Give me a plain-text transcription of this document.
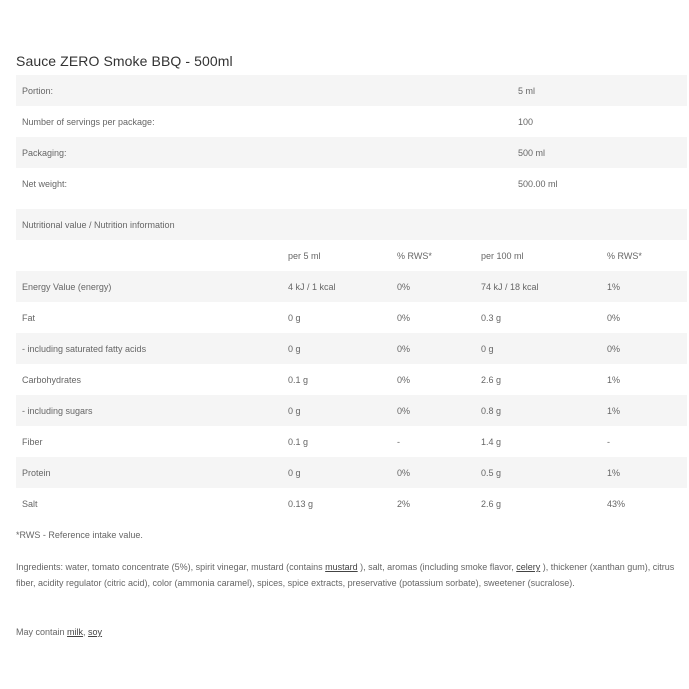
Sauce ZERO Smoke BBQ - 500ml
Portion:	5 ml
Number of servings per package:	100
Packaging:	500 ml
Net weight:	500.00 ml
Nutritional value / Nutrition information				
	per 5 ml	% RWS*	per 100 ml	% RWS*
Energy Value (energy)	4 kJ / 1 kcal	0%	74 kJ / 18 kcal	1%
Fat	0 g	0%	0.3 g	0%
- including saturated fatty acids	0 g	0%	0 g	0%
Carbohydrates	0.1 g	0%	2.6 g	1%
- including sugars	0 g	0%	0.8 g	1%
Fiber	0.1 g	-	1.4 g	-
Protein	0 g	0%	0.5 g	1%
Salt	0.13 g	2%	2.6 g	43%
*RWS - Reference intake value.
Ingredients: water, tomato concentrate (5%), spirit vinegar, mustard (contains mustard ), salt, aromas (including smoke flavor, celery ), thickener (xanthan gum), citrus fiber, acidity regulator (citric acid), color (ammonia caramel), spices, spice extracts, preservative (potassium sorbate), sweetener (sucralose).
May contain milk, soy
